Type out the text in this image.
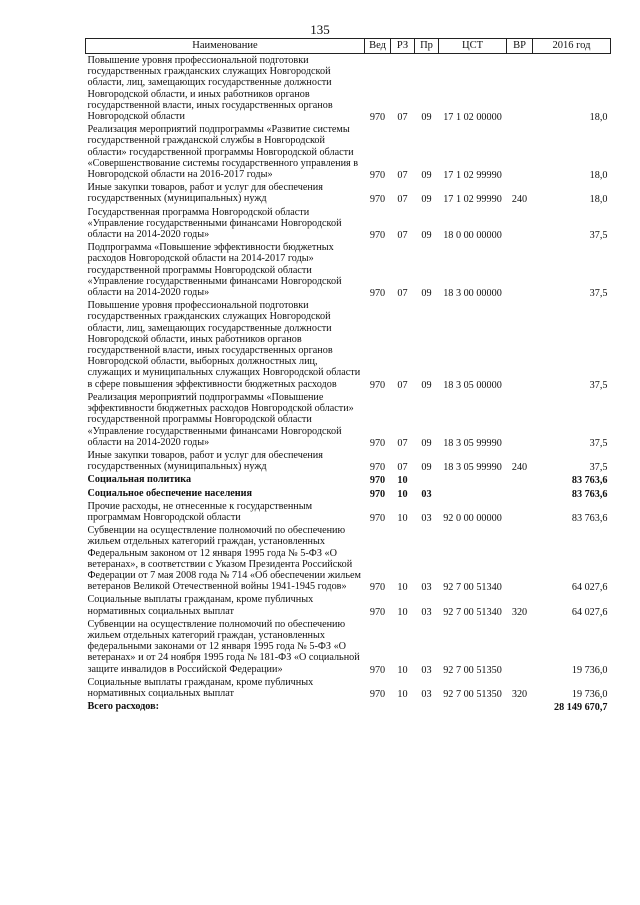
135
Наименование	Вед	РЗ	Пр	ЦСТ	ВР	2016 год
Повышение уровня профессиональной подготовки государственных гражданских служащих Новгородской области, лиц, замещающих государственные должности Новгородской области, и иных работников органов государственной власти, иных государственных органов Новгородской области	970	07	09	17 1 02 00000		18,0
Реализация мероприятий подпрограммы «Развитие системы государственной гражданской службы в Новгородской области» государственной программы Новгородской области «Совершенствование системы государственного управления в Новгородской области на 2016-2017 годы»	970	07	09	17 1 02 99990		18,0
Иные закупки товаров, работ и услуг для обеспечения государственных (муниципальных) нужд	970	07	09	17 1 02 99990	240	18,0
Государственная программа Новгородской области «Управление государственными финансами Новгородской области на 2014-2020 годы»	970	07	09	18 0 00 00000		37,5
Подпрограмма «Повышение эффективности бюджетных расходов Новгородской области на 2014-2017 годы» государственной программы Новгородской области «Управление государственными финансами Новгородской области на 2014-2020 годы»	970	07	09	18 3 00 00000		37,5
Повышение уровня профессиональной подготовки государственных гражданских служащих Новгородской области, лиц, замещающих государственные должности Новгородской области, иных работников органов государственной власти, иных государственных органов Новгородской области, выборных должностных лиц, служащих и муниципальных служащих Новгородской области в сфере повышения эффективности бюджетных расходов	970	07	09	18 3 05 00000		37,5
Реализация мероприятий подпрограммы «Повышение эффективности бюджетных расходов Новгородской области» государственной программы Новгородской области «Управление государственными финансами Новгородской области на 2014-2020 годы»	970	07	09	18 3 05 99990		37,5
Иные закупки товаров, работ и услуг для обеспечения государственных (муниципальных) нужд	970	07	09	18 3 05 99990	240	37,5
Социальная политика	970	10				83 763,6
Социальное обеспечение населения	970	10	03			83 763,6
Прочие расходы, не отнесенные к государственным программам Новгородской области	970	10	03	92 0 00 00000		83 763,6
Субвенции на осуществление полномочий по обеспечению жильем отдельных категорий граждан, установленных Федеральным законом от 12 января 1995 года № 5-ФЗ «О ветеранах», в соответствии с Указом Президента Российской Федерации от 7 мая 2008 года № 714 «Об обеспечении жильем ветеранов Великой Отечественной войны 1941-1945 годов»	970	10	03	92 7 00 51340		64 027,6
Социальные выплаты гражданам, кроме публичных нормативных социальных выплат	970	10	03	92 7 00 51340	320	64 027,6
Субвенции на осуществление полномочий по обеспечению жильем отдельных категорий граждан, установленных федеральными законами от 12 января 1995 года № 5-ФЗ «О ветеранах» и от 24 ноября 1995 года № 181-ФЗ «О социальной защите инвалидов в Российской Федерации»	970	10	03	92 7 00 51350		19 736,0
Социальные выплаты гражданам, кроме публичных нормативных социальных выплат	970	10	03	92 7 00 51350	320	19 736,0
Всего расходов:						28 149 670,7
